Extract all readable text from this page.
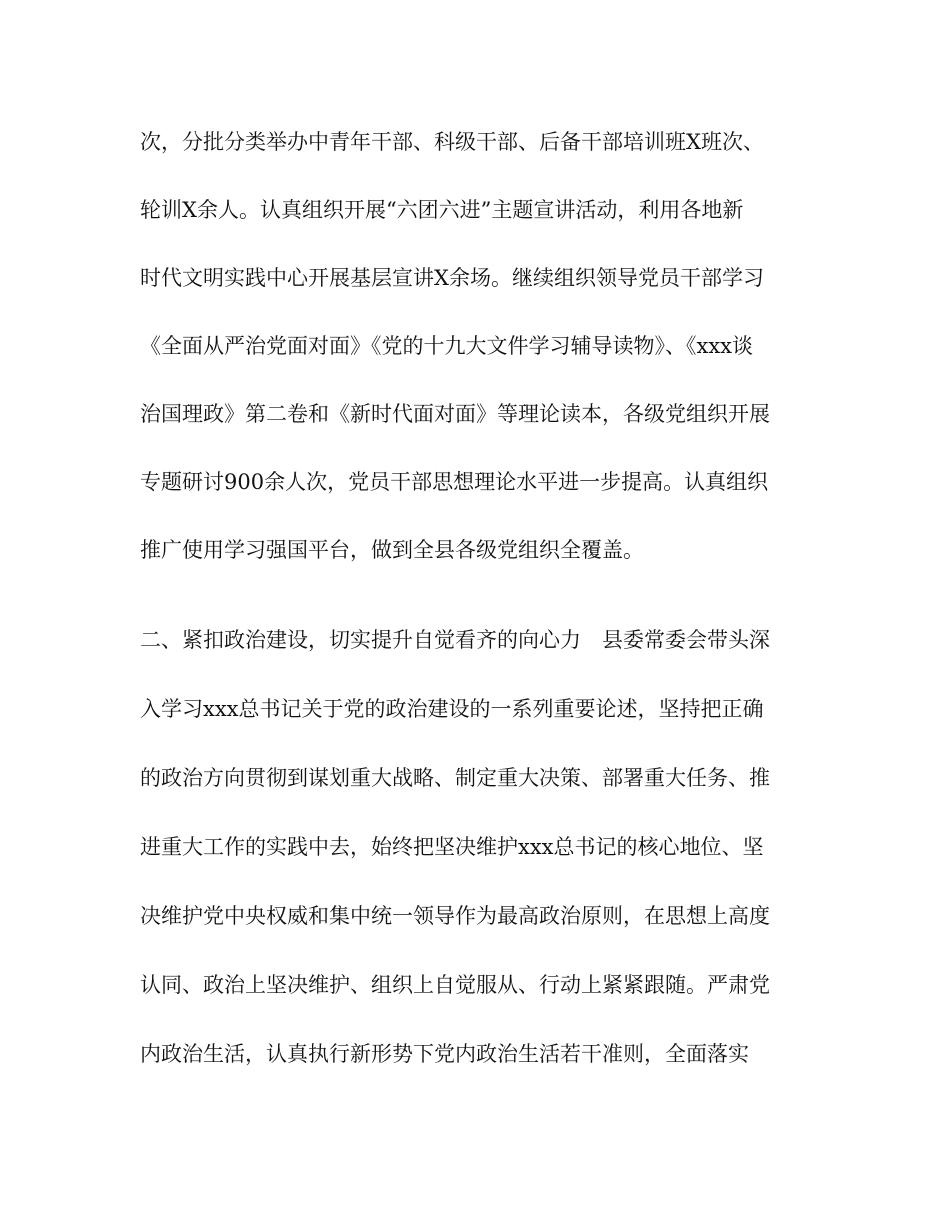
次，分批分类举办中青年干部、科级干部、后备干部培训班X班次、
轮训X余人。认真组织开展“六团六进”主题宣讲活动，利用各地新
时代文明实践中心开展基层宣讲X余场。继续组织领导党员干部学习
《全面从严治党面对面》《党的十九大文件学习辅导读物》、《xxx谈
治国理政》第二卷和《新时代面对面》等理论读本，各级党组织开展
专题研讨900余人次，党员干部思想理论水平进一步提高。认真组织
推广使用学习强国平台，做到全县各级党组织全覆盖。
二、紧扣政治建设，切实提升自觉看齐的向心力　县委常委会带头深
入学习xxx总书记关于党的政治建设的一系列重要论述，坚持把正确
的政治方向贯彻到谋划重大战略、制定重大决策、部署重大任务、推
进重大工作的实践中去，始终把坚决维护xxx总书记的核心地位、坚
决维护党中央权威和集中统一领导作为最高政治原则，在思想上高度
认同、政治上坚决维护、组织上自觉服从、行动上紧紧跟随。严肃党
内政治生活，认真执行新形势下党内政治生活若干准则，全面落实
